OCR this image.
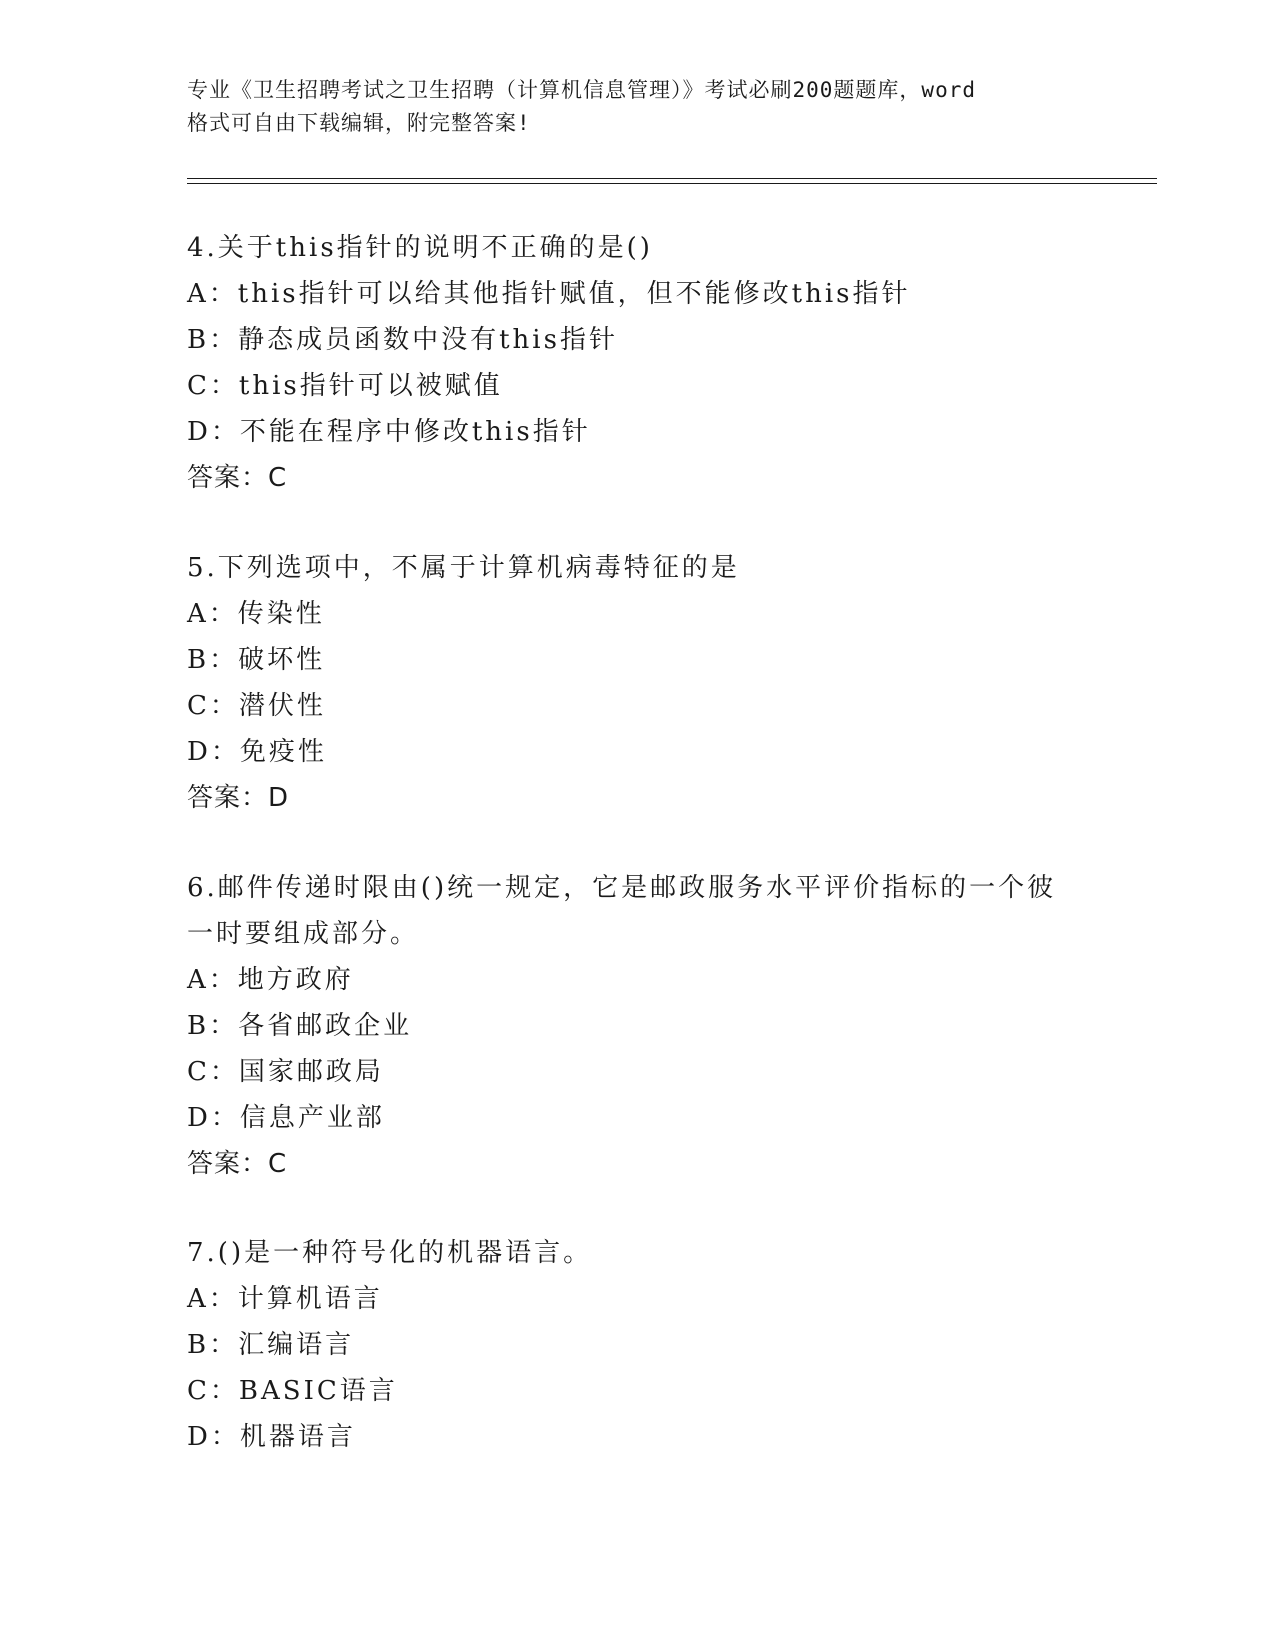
专业《卫生招聘考试之卫生招聘（计算机信息管理）》考试必刷200题题库，word
格式可自由下载编辑，附完整答案!
4.关于this指针的说明不正确的是()
A：this指针可以给其他指针赋值，但不能修改this指针
B：静态成员函数中没有this指针
C：this指针可以被赋值
D：不能在程序中修改this指针
答案：C
5.下列选项中，不属于计算机病毒特征的是
A：传染性
B：破坏性
C：潜伏性
D：免疫性
答案：D
6.邮件传递时限由()统一规定，它是邮政服务水平评价指标的一个彼
一时要组成部分。
A：地方政府
B：各省邮政企业
C：国家邮政局
D：信息产业部
答案：C
7.()是一种符号化的机器语言。
A：计算机语言
B：汇编语言
C：BASIC语言
D：机器语言
